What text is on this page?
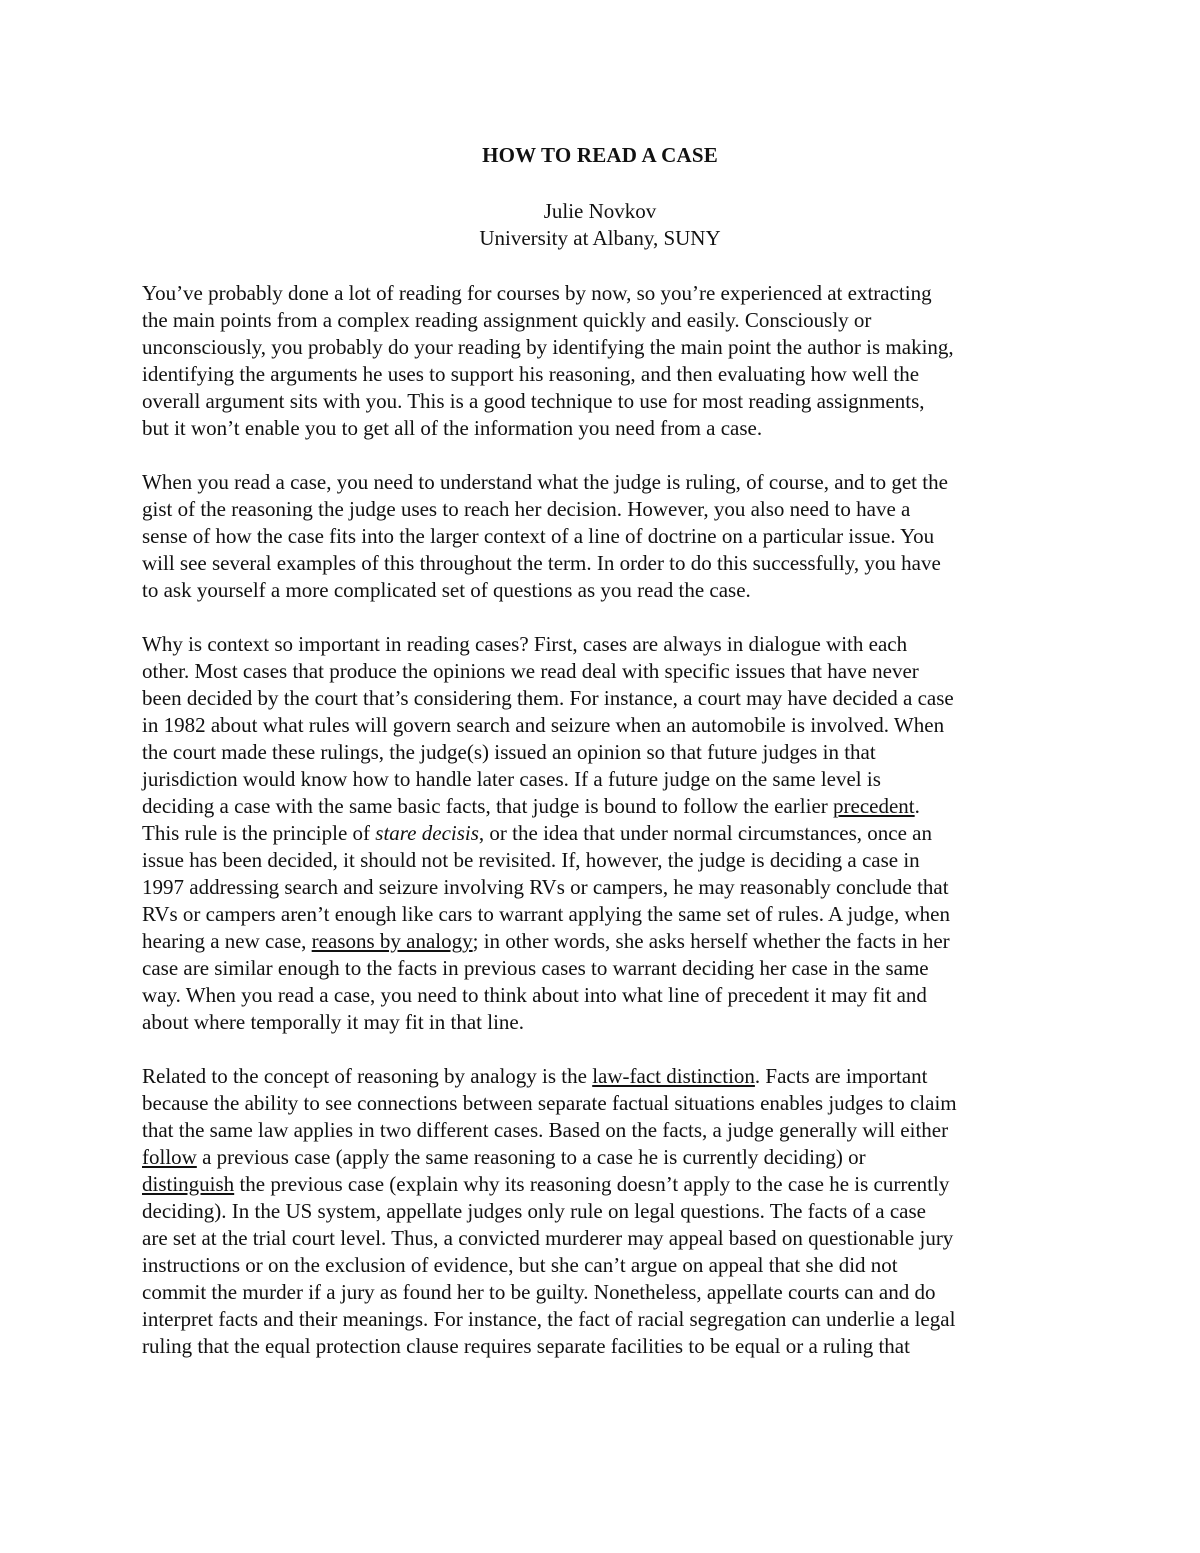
HOW TO READ A CASE
Julie Novkov
University at Albany, SUNY
You’ve probably done a lot of reading for courses by now, so you’re experienced at extracting
the main points from a complex reading assignment quickly and easily. Consciously or
unconsciously, you probably do your reading by identifying the main point the author is making,
identifying the arguments he uses to support his reasoning, and then evaluating how well the
overall argument sits with you. This is a good technique to use for most reading assignments,
but it won’t enable you to get all of the information you need from a case.
When you read a case, you need to understand what the judge is ruling, of course, and to get the
gist of the reasoning the judge uses to reach her decision. However, you also need to have a
sense of how the case fits into the larger context of a line of doctrine on a particular issue. You
will see several examples of this throughout the term. In order to do this successfully, you have
to ask yourself a more complicated set of questions as you read the case.
Why is context so important in reading cases? First, cases are always in dialogue with each
other. Most cases that produce the opinions we read deal with specific issues that have never
been decided by the court that’s considering them. For instance, a court may have decided a case
in 1982 about what rules will govern search and seizure when an automobile is involved. When
the court made these rulings, the judge(s) issued an opinion so that future judges in that
jurisdiction would know how to handle later cases. If a future judge on the same level is
deciding a case with the same basic facts, that judge is bound to follow the earlier precedent.
This rule is the principle of stare decisis, or the idea that under normal circumstances, once an
issue has been decided, it should not be revisited. If, however, the judge is deciding a case in
1997 addressing search and seizure involving RVs or campers, he may reasonably conclude that
RVs or campers aren’t enough like cars to warrant applying the same set of rules. A judge, when
hearing a new case, reasons by analogy; in other words, she asks herself whether the facts in her
case are similar enough to the facts in previous cases to warrant deciding her case in the same
way. When you read a case, you need to think about into what line of precedent it may fit and
about where temporally it may fit in that line.
Related to the concept of reasoning by analogy is the law-fact distinction. Facts are important
because the ability to see connections between separate factual situations enables judges to claim
that the same law applies in two different cases. Based on the facts, a judge generally will either
follow a previous case (apply the same reasoning to a case he is currently deciding) or
distinguish the previous case (explain why its reasoning doesn’t apply to the case he is currently
deciding). In the US system, appellate judges only rule on legal questions. The facts of a case
are set at the trial court level. Thus, a convicted murderer may appeal based on questionable jury
instructions or on the exclusion of evidence, but she can’t argue on appeal that she did not
commit the murder if a jury as found her to be guilty. Nonetheless, appellate courts can and do
interpret facts and their meanings. For instance, the fact of racial segregation can underlie a legal
ruling that the equal protection clause requires separate facilities to be equal or a ruling that
